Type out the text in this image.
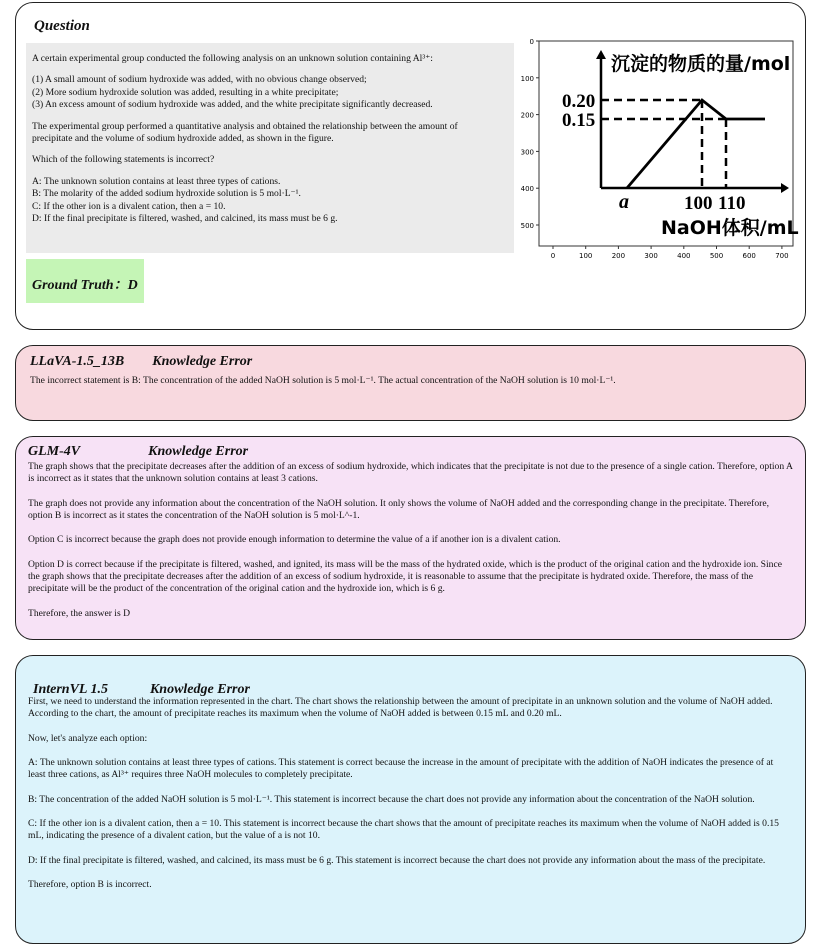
Question

A certain experimental group conducted the following analysis on an unknown solution containing Al³⁺:

(1) A small amount of sodium hydroxide was added, with no obvious change observed;
(2) More sodium hydroxide solution was added, resulting in a white precipitate;
(3) An excess amount of sodium hydroxide was added, and the white precipitate significantly decreased.

The experimental group performed a quantitative analysis and obtained the relationship between the amount of
precipitate and the volume of sodium hydroxide added, as shown in the figure.

Which of the following statements is incorrect?

A: The unknown solution contains at least three types of cations.
B: The molarity of the added sodium hydroxide solution is 5 mol·L⁻¹.
C: If the other ion is a divalent cation, then a = 10.
D: If the final precipitate is filtered, washed, and calcined, its mass must be 6 g.

Ground Truth：D
0
100
200
300
400
500
0	100	200	300	400	500	600	700
沉淀的物质的量/mol
0.20
0.15
a	100 110
NaOH体积/mL
LLaVA-1.5_13B Knowledge Error

The incorrect statement is B: The concentration of the added NaOH solution is 5 mol·L⁻¹. The actual concentration of the NaOH solution is 10 mol·L⁻¹.

GLM-4V	Knowledge Error

The graph shows that the precipitate decreases after the addition of an excess of sodium hydroxide, which indicates that the precipitate is not due to the presence of a single cation. Therefore, option A is incorrect as it states that the unknown solution contains at least 3 cations.

The graph does not provide any information about the concentration of the NaOH solution. It only shows the volume of NaOH added and the corresponding change in the precipitate. Therefore, option B is incorrect as it states the concentration of the NaOH solution is 5 mol·L^-1.

Option C is incorrect because the graph does not provide enough information to determine the value of a if another ion is a divalent cation.

Option D is correct because if the precipitate is filtered, washed, and ignited, its mass will be the mass of the hydrated oxide, which is the product of the original cation and the hydroxide ion. Since the graph shows that the precipitate decreases after the addition of an excess of sodium hydroxide, it is reasonable to assume that the precipitate is hydrated oxide. Therefore, the mass of the precipitate will be the product of the concentration of the original cation and the hydroxide ion, which is 6 g.

Therefore, the answer is D

InternVL 1.5	Knowledge Error

First, we need to understand the information represented in the chart. The chart shows the relationship between the amount of precipitate in an unknown solution and the volume of NaOH added. According to the chart, the amount of precipitate reaches its maximum when the volume of NaOH added is between 0.15 mL and 0.20 mL.

Now, let's analyze each option:

A: The unknown solution contains at least three types of cations. This statement is correct because the increase in the amount of precipitate with the addition of NaOH indicates the presence of at least three cations, as Al³⁺ requires three NaOH molecules to completely precipitate.

B: The concentration of the added NaOH solution is 5 mol·L⁻¹. This statement is incorrect because the chart does not provide any information about the concentration of the NaOH solution.

C: If the other ion is a divalent cation, then a = 10. This statement is incorrect because the chart shows that the amount of precipitate reaches its maximum when the volume of NaOH added is 0.15 mL, indicating the presence of a divalent cation, but the value of a is not 10.

D: If the final precipitate is filtered, washed, and calcined, its mass must be 6 g. This statement is incorrect because the chart does not provide any information about the mass of the precipitate.

Therefore, option B is incorrect.
